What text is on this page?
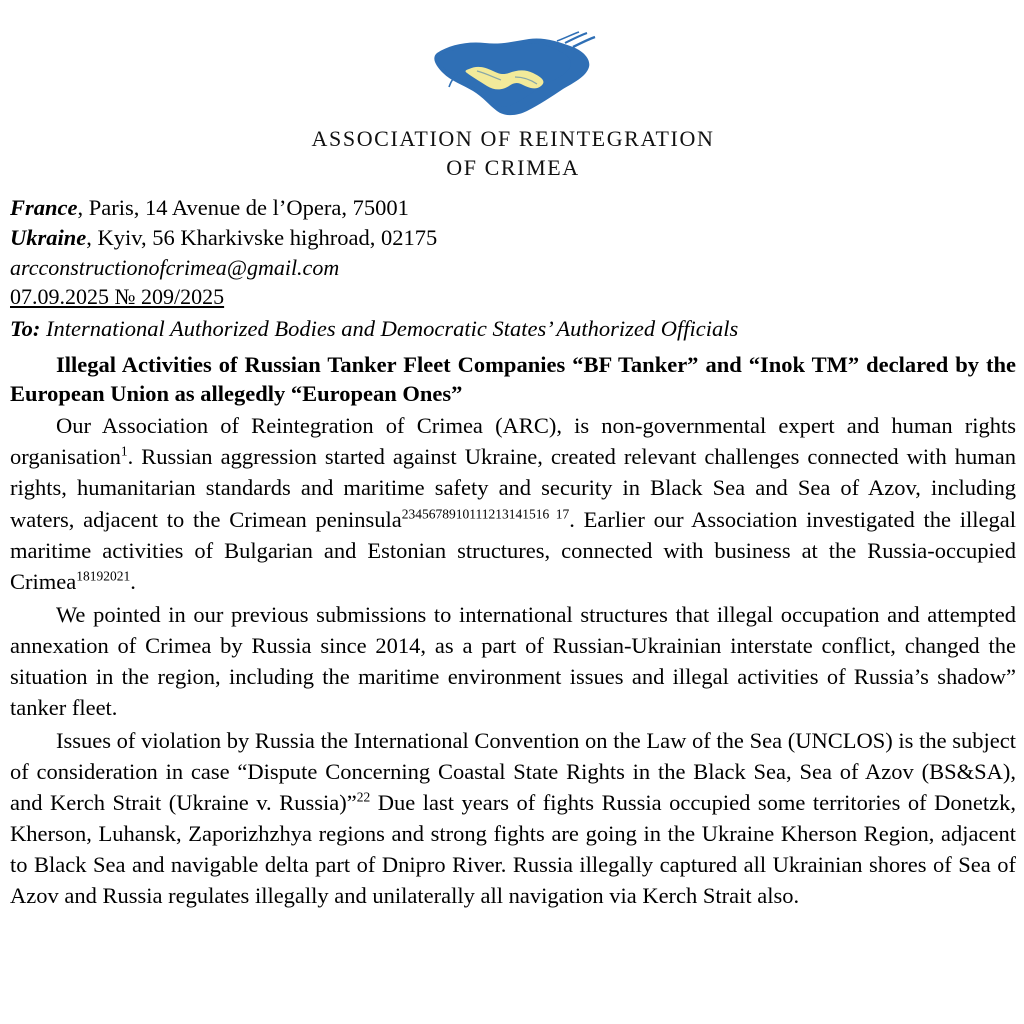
ASSOCIATION OF REINTEGRATION
OF CRIMEA
France, Paris, 14 Avenue de l’Opera, 75001
Ukraine, Kyiv, 56 Kharkivske highroad, 02175
arcconstructionofcrimea@gmail.com
07.09.2025 № 209/2025
To: International Authorized Bodies and Democratic States’ Authorized Officials
Illegal Activities of Russian Tanker Fleet Companies “BF Tanker” and “Inok TM” declared by the European Union as allegedly “European Ones”
Our Association of Reintegration of Crimea (ARC), is non-governmental expert and human rights organisation$^1$. Russian aggression started against Ukraine, created relevant challenges connected with human rights, humanitarian standards and maritime safety and security in Black Sea and Sea of Azov, including waters, adjacent to the Crimean peninsula$^{2345678910111213141516 17}$. Earlier our Association investigated the illegal maritime activities of Bulgarian and Estonian structures, connected with business at the Russia-occupied Crimea$^{18192021}$.
We pointed in our previous submissions to international structures that illegal occupation and attempted annexation of Crimea by Russia since 2014, as a part of Russian-Ukrainian interstate conflict, changed the situation in the region, including the maritime environment issues and illegal activities of Russia’s shadow” tanker fleet.
Issues of violation by Russia the International Convention on the Law of the Sea (UNCLOS) is the subject of consideration in case “Dispute Concerning Coastal State Rights in the Black Sea, Sea of Azov (BS&SA), and Kerch Strait (Ukraine v. Russia)”$^{22}$ Due last years of fights Russia occupied some territories of Donetzk, Kherson, Luhansk, Zaporizhzhya regions and strong fights are going in the Ukraine Kherson Region, adjacent to Black Sea and navigable delta part of Dnipro River. Russia illegally captured all Ukrainian shores of Sea of Azov and Russia regulates illegally and unilaterally all navigation via Kerch Strait also.
